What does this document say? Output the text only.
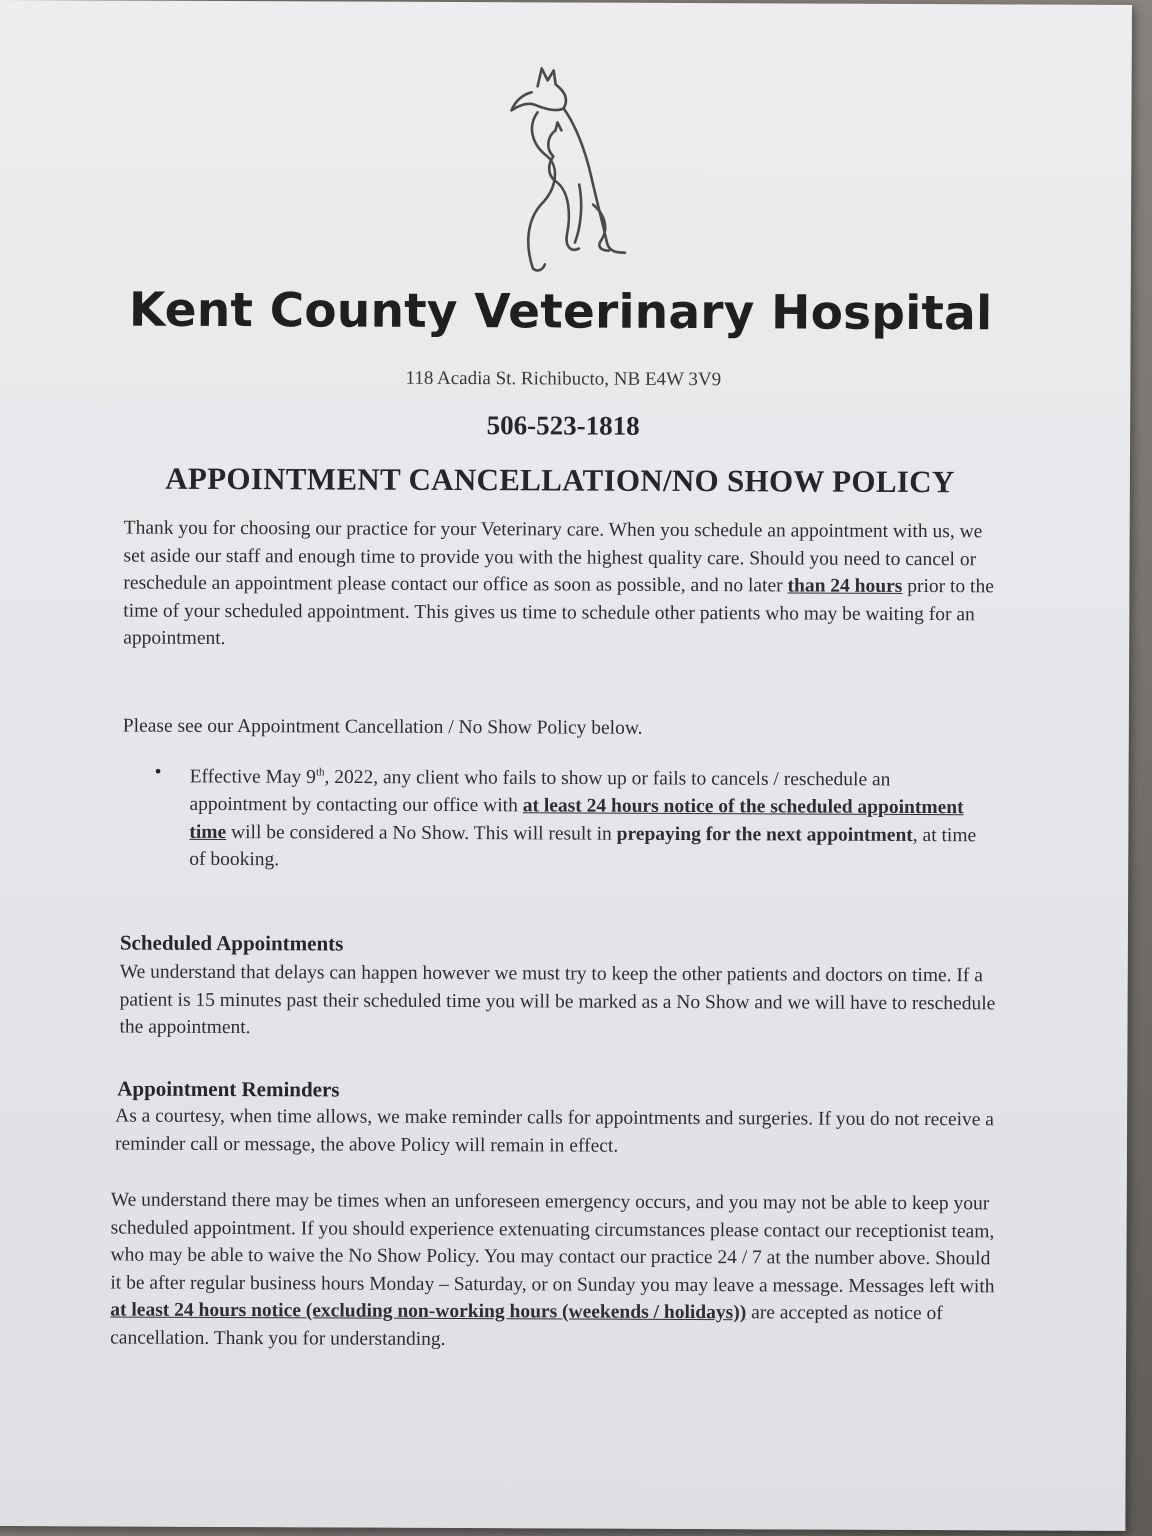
Kent County Veterinary Hospital
118 Acadia St. Richibucto, NB E4W 3V9
506-523-1818
APPOINTMENT CANCELLATION/NO SHOW POLICY
Thank you for choosing our practice for your Veterinary care. When you schedule an appointment with us, we set aside our staff and enough time to provide you with the highest quality care. Should you need to cancel or reschedule an appointment please contact our office as soon as possible, and no later than 24 hours prior to the time of your scheduled appointment. This gives us time to schedule other patients who may be waiting for an appointment.
Please see our Appointment Cancellation / No Show Policy below.
• Effective May 9th, 2022, any client who fails to show up or fails to cancels / reschedule an appointment by contacting our office with at least 24 hours notice of the scheduled appointment time will be considered a No Show. This will result in prepaying for the next appointment, at time of booking.
Scheduled Appointments
We understand that delays can happen however we must try to keep the other patients and doctors on time. If a patient is 15 minutes past their scheduled time you will be marked as a No Show and we will have to reschedule the appointment.
Appointment Reminders
As a courtesy, when time allows, we make reminder calls for appointments and surgeries. If you do not receive a reminder call or message, the above Policy will remain in effect.
We understand there may be times when an unforeseen emergency occurs, and you may not be able to keep your scheduled appointment. If you should experience extenuating circumstances please contact our receptionist team, who may be able to waive the No Show Policy. You may contact our practice 24 / 7 at the number above. Should it be after regular business hours Monday – Saturday, or on Sunday you may leave a message. Messages left with at least 24 hours notice (excluding non-working hours (weekends / holidays)) are accepted as notice of cancellation. Thank you for understanding.
